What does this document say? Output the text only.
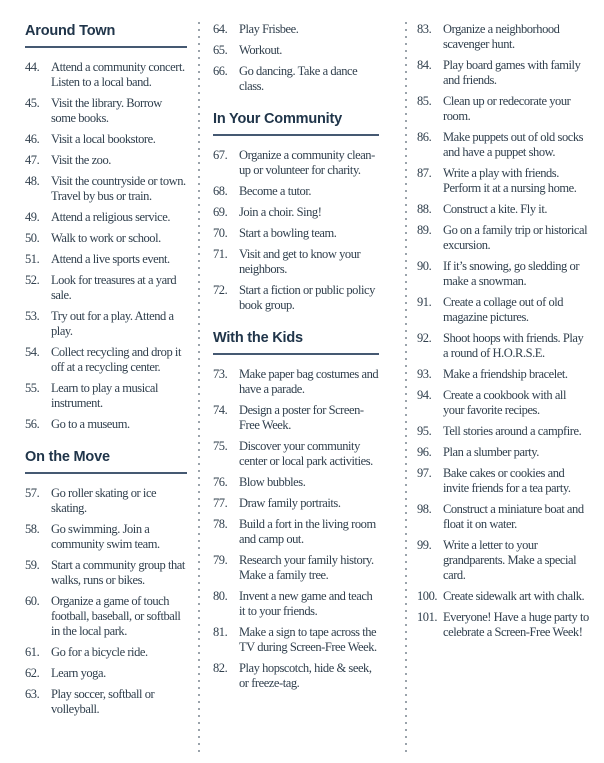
Around Town
44. Attend a community concert. Listen to a local band.
45. Visit the library. Borrow some books.
46. Visit a local bookstore.
47. Visit the zoo.
48. Visit the countryside or town. Travel by bus or train.
49. Attend a religious service.
50. Walk to work or school.
51. Attend a live sports event.
52. Look for treasures at a yard sale.
53. Try out for a play. Attend a play.
54. Collect recycling and drop it off at a recycling center.
55. Learn to play a musical instrument.
56. Go to a museum.
On the Move
57. Go roller skating or ice skating.
58. Go swimming. Join a community swim team.
59. Start a community group that walks, runs or bikes.
60. Organize a game of touch football, baseball, or softball in the local park.
61. Go for a bicycle ride.
62. Learn yoga.
63. Play soccer, softball or volleyball.
64. Play Frisbee.
65. Workout.
66. Go dancing. Take a dance class.
In Your Community
67. Organize a community clean-up or volunteer for charity.
68. Become a tutor.
69. Join a choir. Sing!
70. Start a bowling team.
71. Visit and get to know your neighbors.
72. Start a fiction or public policy book group.
With the Kids
73. Make paper bag costumes and have a parade.
74. Design a poster for Screen-Free Week.
75. Discover your community center or local park activities.
76. Blow bubbles.
77. Draw family portraits.
78. Build a fort in the living room and camp out.
79. Research your family history. Make a family tree.
80. Invent a new game and teach it to your friends.
81. Make a sign to tape across the TV during Screen-Free Week.
82. Play hopscotch, hide & seek, or freeze-tag.
83. Organize a neighborhood scavenger hunt.
84. Play board games with family and friends.
85. Clean up or redecorate your room.
86. Make puppets out of old socks and have a puppet show.
87. Write a play with friends. Perform it at a nursing home.
88. Construct a kite. Fly it.
89. Go on a family trip or historical excursion.
90. If it’s snowing, go sledding or make a snowman.
91. Create a collage out of old magazine pictures.
92. Shoot hoops with friends. Play a round of H.O.R.S.E.
93. Make a friendship bracelet.
94. Create a cookbook with all your favorite recipes.
95. Tell stories around a campfire.
96. Plan a slumber party.
97. Bake cakes or cookies and invite friends for a tea party.
98. Construct a miniature boat and float it on water.
99. Write a letter to your grandparents. Make a special card.
100. Create sidewalk art with chalk.
101. Everyone! Have a huge party to celebrate a Screen-Free Week!
